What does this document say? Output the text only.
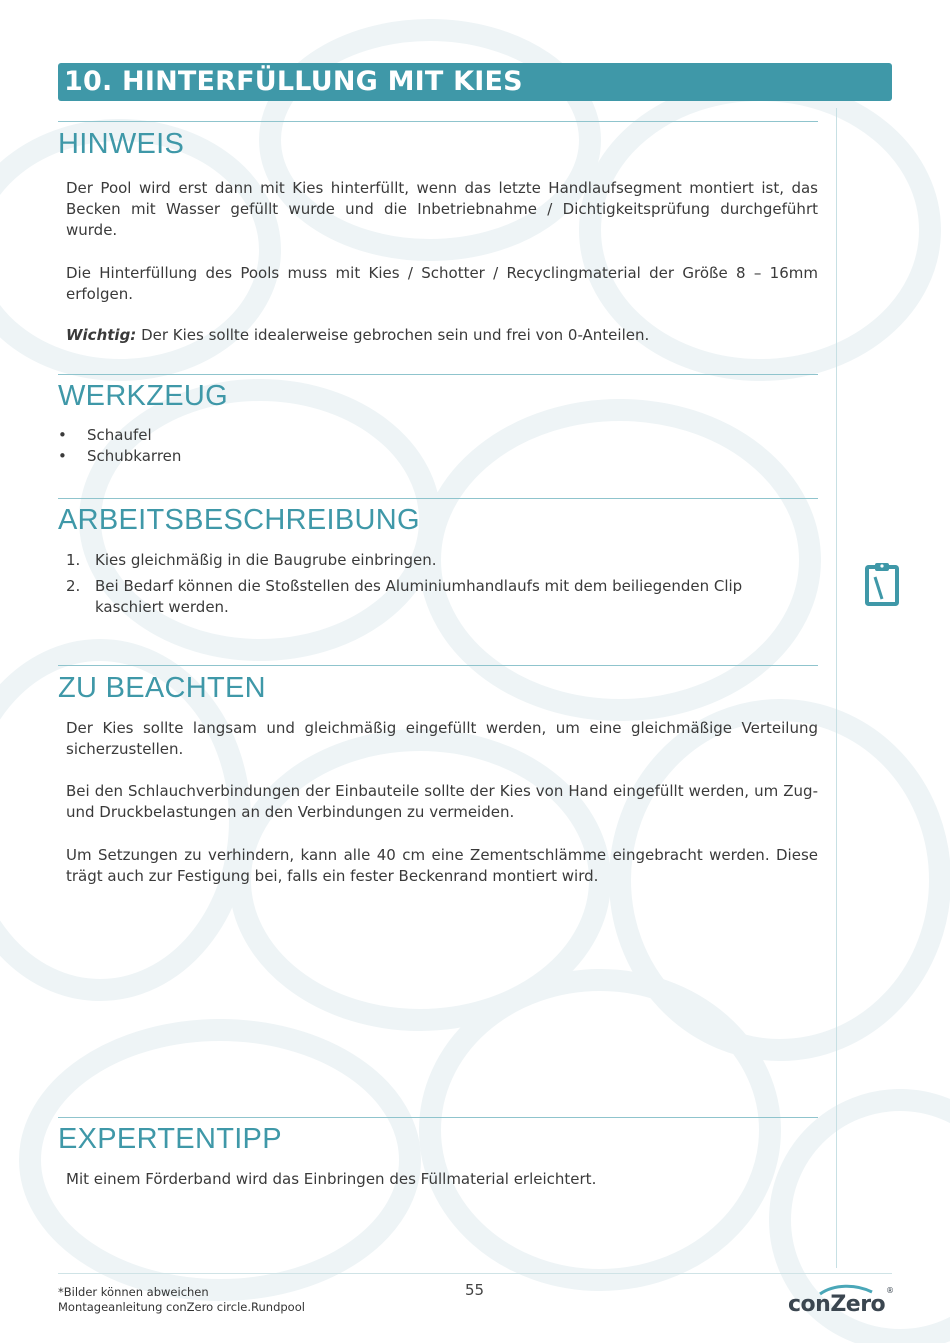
10. HINTERFÜLLUNG MIT KIES
HINWEIS

Der Pool wird erst dann mit Kies hinterfüllt, wenn das letzte Handlaufsegment montiert ist, das Becken mit Wasser gefüllt wurde und die Inbetriebnahme / Dichtigkeitsprüfung durchgeführt wurde.

Die Hinterfüllung des Pools muss mit Kies / Schotter / Recyclingmaterial der Größe 8 – 16mm erfolgen.

Wichtig: Der Kies sollte idealerweise gebrochen sein und frei von 0-Anteilen.

WERKZEUG
• Schaufel
• Schubkarren
ARBEITSBESCHREIBUNG
1. Kies gleichmäßig in die Baugrube einbringen.
2. Bei Bedarf können die Stoßstellen des Aluminiumhandlaufs mit dem beiliegenden Clip kaschiert werden.
ZU BEACHTEN

Der Kies sollte langsam und gleichmäßig eingefüllt werden, um eine gleichmäßige Verteilung sicherzustellen.

Bei den Schlauchverbindungen der Einbauteile sollte der Kies von Hand eingefüllt werden, um Zug- und Druckbelastungen an den Verbindungen zu vermeiden.

Um Setzungen zu verhindern, kann alle 40 cm eine Zementschlämme eingebracht werden. Diese trägt auch zur Festigung bei, falls ein fester Beckenrand montiert wird.

EXPERTENTIPP

Mit einem Förderband wird das Einbringen des Füllmaterial erleichtert.

*Bilder können abweichen
Montageanleitung conZero circle.Rundpool
55
conZero
®
